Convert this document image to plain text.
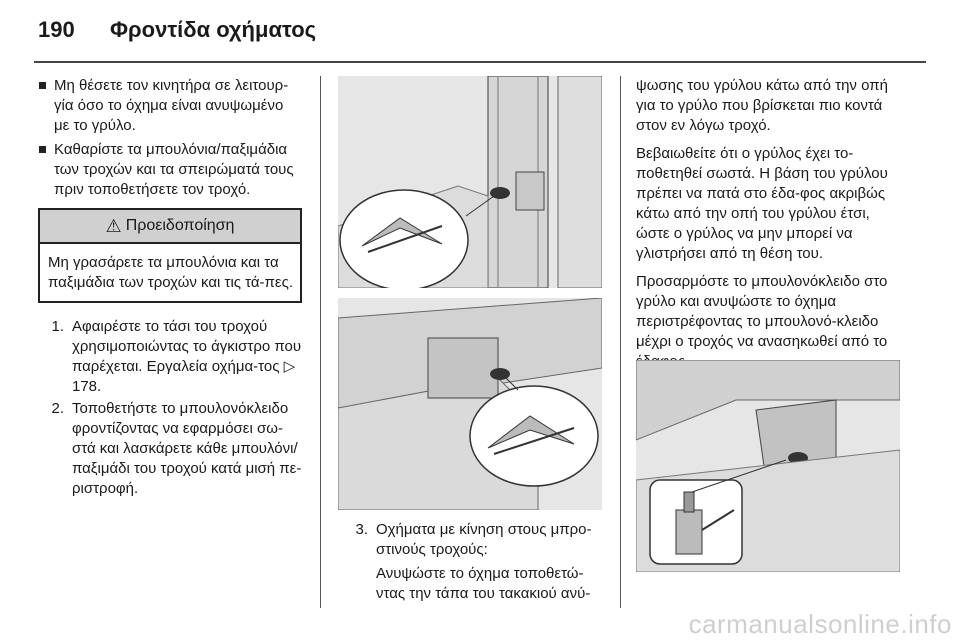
190	Φροντίδα οχήματος
Μη θέσετε τον κινητήρα σε λειτουρ-γία όσο το όχημα είναι ανυψωμένο με το γρύλο.
Καθαρίστε τα μπουλόνια/παξιμάδια των τροχών και τα σπειρώματά τους πριν τοποθετήσετε τον τροχό.
⚠ Προειδοποίηση
Μη γρασάρετε τα μπουλόνια και τα παξιμάδια των τροχών και τις τά-πες.
1. Αφαιρέστε το τάσι του τροχού χρησιμοποιώντας το άγκιστρο που παρέχεται. Εργαλεία οχήμα-τος ▷ 178.
2. Τοποθετήστε το μπουλονόκλειδο φροντίζοντας να εφαρμόσει σω-στά και λασκάρετε κάθε μπουλόνι/ παξιμάδι του τροχού κατά μισή πε-ριστροφή.
3. Οχήματα με κίνηση στους μπρο-στινούς τροχούς:

Ανυψώστε το όχημα τοποθετώ-ντας την τάπα του τακακιού ανύ-

ψωσης του γρύλου κάτω από την οπή για το γρύλο που βρίσκεται πιο κοντά στον εν λόγω τροχό.

Βεβαιωθείτε ότι ο γρύλος έχει το-ποθετηθεί σωστά. Η βάση του γρύλου πρέπει να πατά στο έδα-φος ακριβώς κάτω από την οπή του γρύλου έτσι, ώστε ο γρύλος να μην μπορεί να γλιστρήσει από τη θέση του.

Προσαρμόστε το μπουλονόκλειδο στο γρύλο και ανυψώστε το όχημα περιστρέφοντας το μπουλονό-κλειδο μέχρι ο τροχός να ανασηκωθεί από το

carmanualsonline.info
